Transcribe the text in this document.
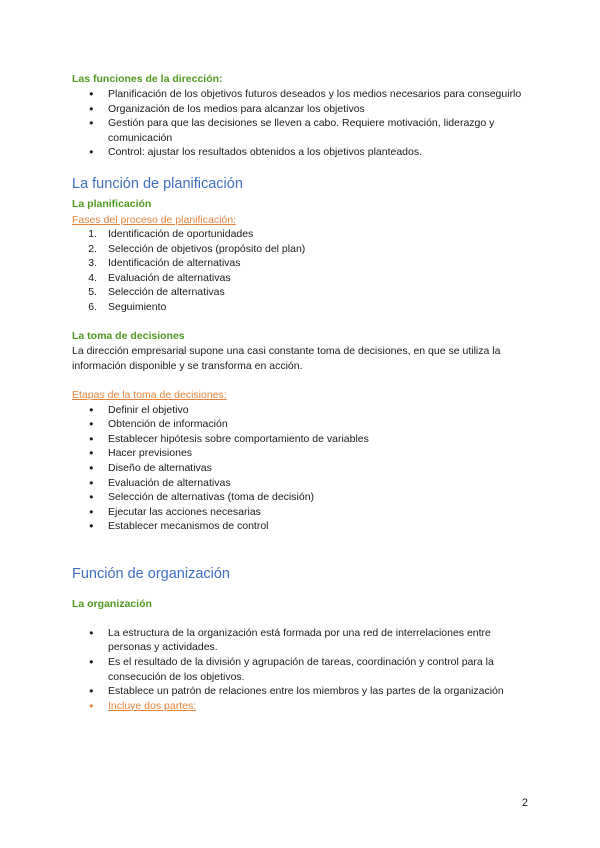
Las funciones de la dirección:
● Planificación de los objetivos futuros deseados y los medios necesarios para conseguirlo
● Organización de los medios para alcanzar los objetivos
● Gestión para que las decisiones se lleven a cabo. Requiere motivación, liderazgo y comunicación
● Control: ajustar los resultados obtenidos a los objetivos planteados.
La función de planificación
La planificación

Fases del proceso de planificación:

1. Identificación de oportunidades
2. Selección de objetivos (propósito del plan)
3. Identificación de alternativas
4. Evaluación de alternativas
5. Selección de alternativas
6. Seguimiento
La toma de decisiones

La dirección empresarial supone una casi constante toma de decisiones, en que se utiliza la información disponible y se transforma en acción.

Etapas de la toma de decisiones:

● Definir el objetivo
● Obtención de información
● Establecer hipótesis sobre comportamiento de variables
● Hacer previsiones
● Diseño de alternativas
● Evaluación de alternativas
● Selección de alternativas (toma de decisión)
● Ejecutar las acciones necesarias
● Establecer mecanismos de control
Función de organización
La organización
● La estructura de la organización está formada por una red de interrelaciones entre personas y actividades.
● Es el resultado de la división y agrupación de tareas, coordinación y control para la consecución de los objetivos.
● Establece un patrón de relaciones entre los miembros y las partes de la organización
● Incluye dos partes:
2
